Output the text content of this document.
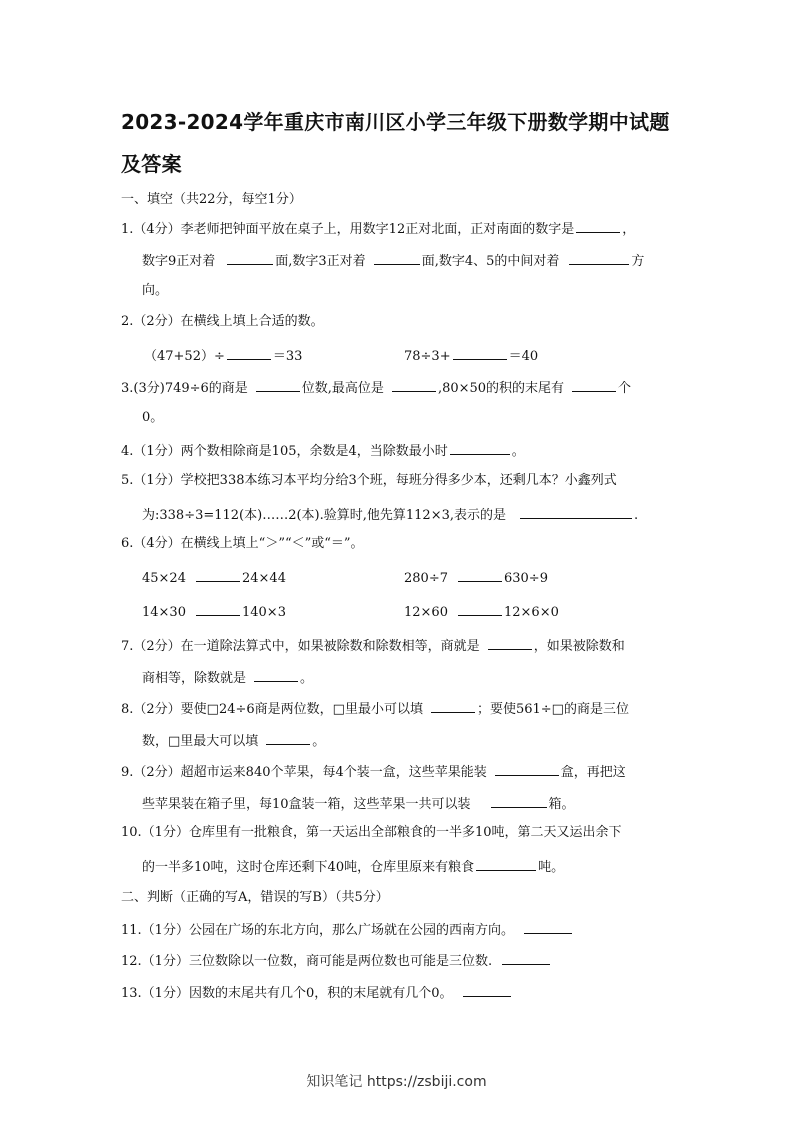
2023-2024学年重庆市南川区小学三年级下册数学期中试题
及答案
一、填空（共22分，每空1分）
1.（4分）李老师把钟面平放在桌子上，用数字12正对北面，正对南面的数字是	，
数字9正对着	面,数字3正对着	面,数字4、5的中间对着	方
向。
2.（2分）在横线上填上合适的数。
（47+52）÷	＝33	78÷3+	＝40
3.(3分)749÷6的商是	位数,最高位是	,80×50的积的末尾有	个
0。
4.（1分）两个数相除商是105，余数是4，当除数最小时	。
5.（1分）学校把338本练习本平均分给3个班，每班分得多少本，还剩几本？小鑫列式
为:338÷3=112(本)……2(本).验算时,他先算112×3,表示的是	.
6.（4分）在横线上填上“＞”“＜”或“＝”。
45×24	24×44	280÷7	630÷9
14×30	140×3	12×60	12×6×0
7.（2分）在一道除法算式中，如果被除数和除数相等，商就是	，如果被除数和
商相等，除数就是	。
8.（2分）要使□24÷6商是两位数，□里最小可以填	；要使561÷□的商是三位
数，□里最大可以填	。
9.（2分）超超市运来840个苹果，每4个装一盒，这些苹果能装	盒，再把这
些苹果装在箱子里，每10盒装一箱，这些苹果一共可以装	箱。
10.（1分）仓库里有一批粮食，第一天运出全部粮食的一半多10吨，第二天又运出余下
的一半多10吨，这时仓库还剩下40吨，仓库里原来有粮食	吨。
二、判断（正确的写A，错误的写B）（共5分）
11.（1分）公园在广场的东北方向，那么广场就在公园的西南方向。
12.（1分）三位数除以一位数，商可能是两位数也可能是三位数.
13.（1分）因数的末尾共有几个0，积的末尾就有几个0。
知识笔记 https://zsbiji.com
